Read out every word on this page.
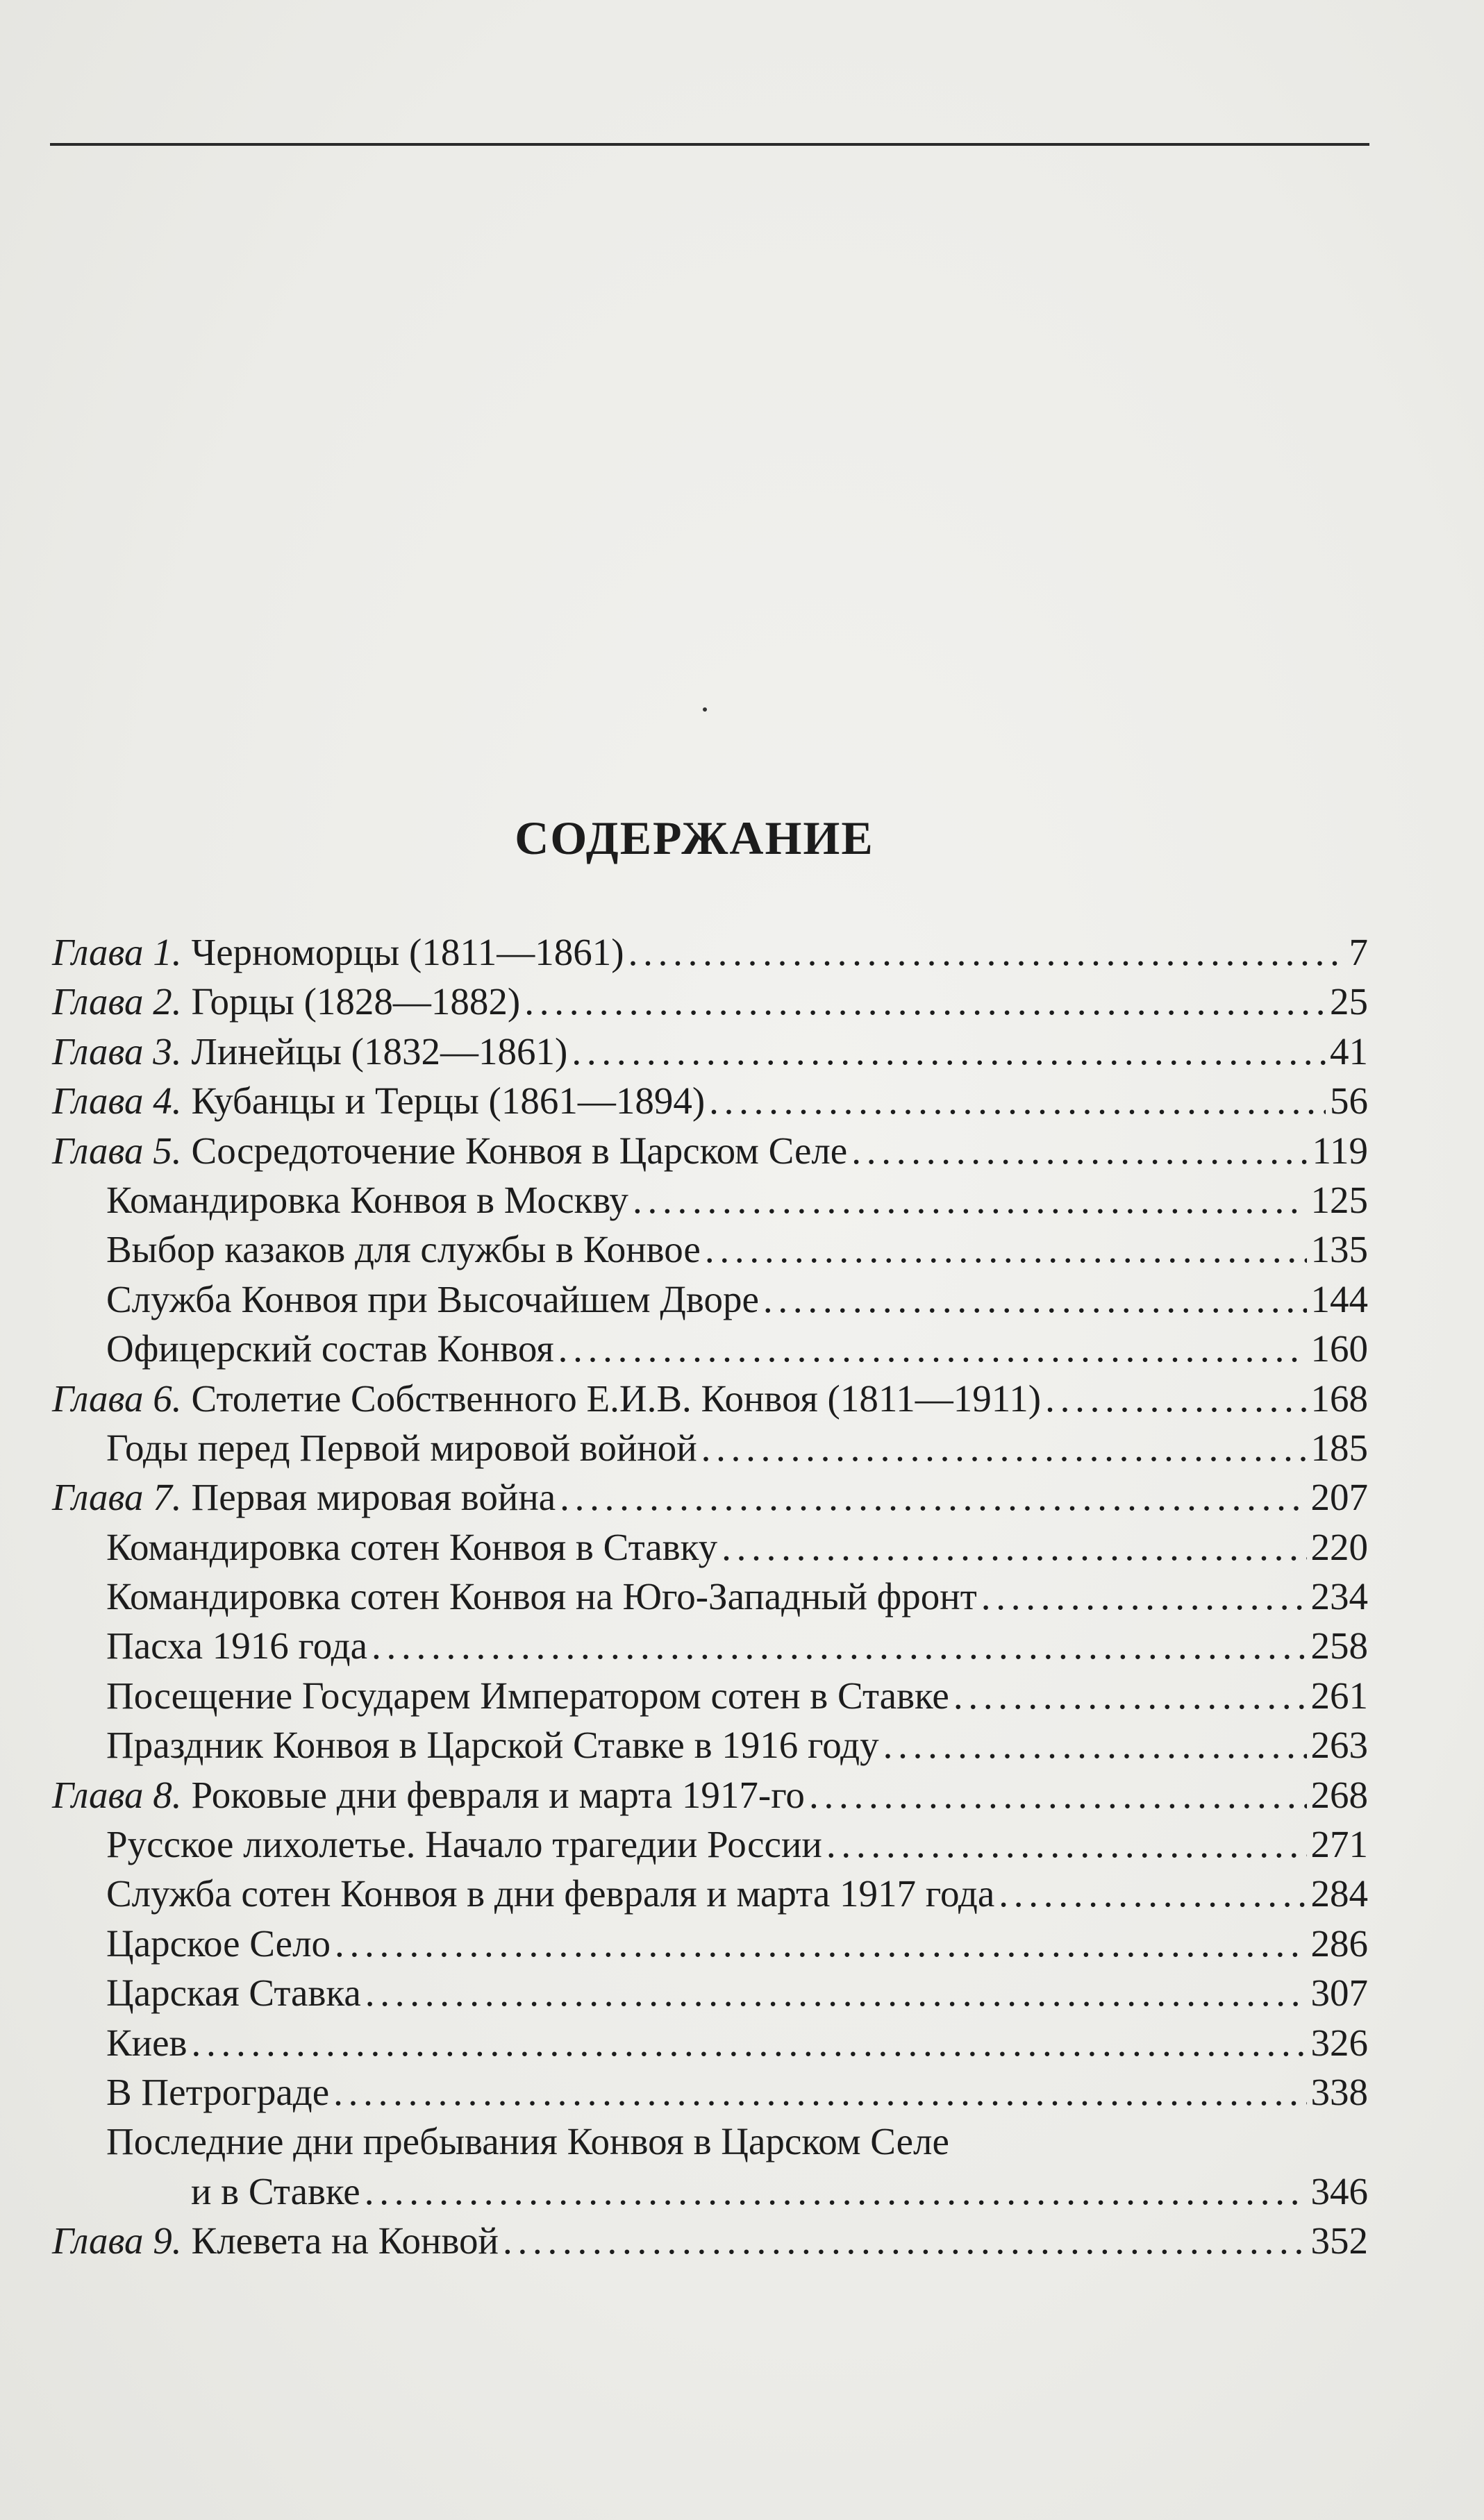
СОДЕРЖАНИЕ
Глава 1. Черноморцы (1811—1861) . . .	7
Глава 2. Горцы (1828—1882) . . .	25
Глава 3. Линейцы (1832—1861) . . .	41
Глава 4. Кубанцы и Терцы (1861—1894) . . .	56
Глава 5. Сосредоточение Конвоя в Царском Селе . . .	119
Командировка Конвоя в Москву . . .	125
Выбор казаков для службы в Конвое . . .	135
Служба Конвоя при Высочайшем Дворе . . .	144
Офицерский состав Конвоя . . .	160
Глава 6. Столетие Собственного Е.И.В. Конвоя (1811—1911) . . .	168
Годы перед Первой мировой войной . . .	185
Глава 7. Первая мировая война . . .	207
Командировка сотен Конвоя в Ставку . . .	220
Командировка сотен Конвоя на Юго-Западный фронт . . .	234
Пасха 1916 года . . .	258
Посещение Государем Императором сотен в Ставке . . .	261
Праздник Конвоя в Царской Ставке в 1916 году . . .	263
Глава 8. Роковые дни февраля и марта 1917-го . . .	268
Русское лихолетье. Начало трагедии России . . .	271
Служба сотен Конвоя в дни февраля и марта 1917 года . . .	284
Царское Село . . .	286
Царская Ставка . . .	307
Киев . . .	326
В Петрограде . . .	338
Последние дни пребывания Конвоя в Царском Селе
и в Ставке . . .	346
Глава 9. Клевета на Конвой . . .	352
